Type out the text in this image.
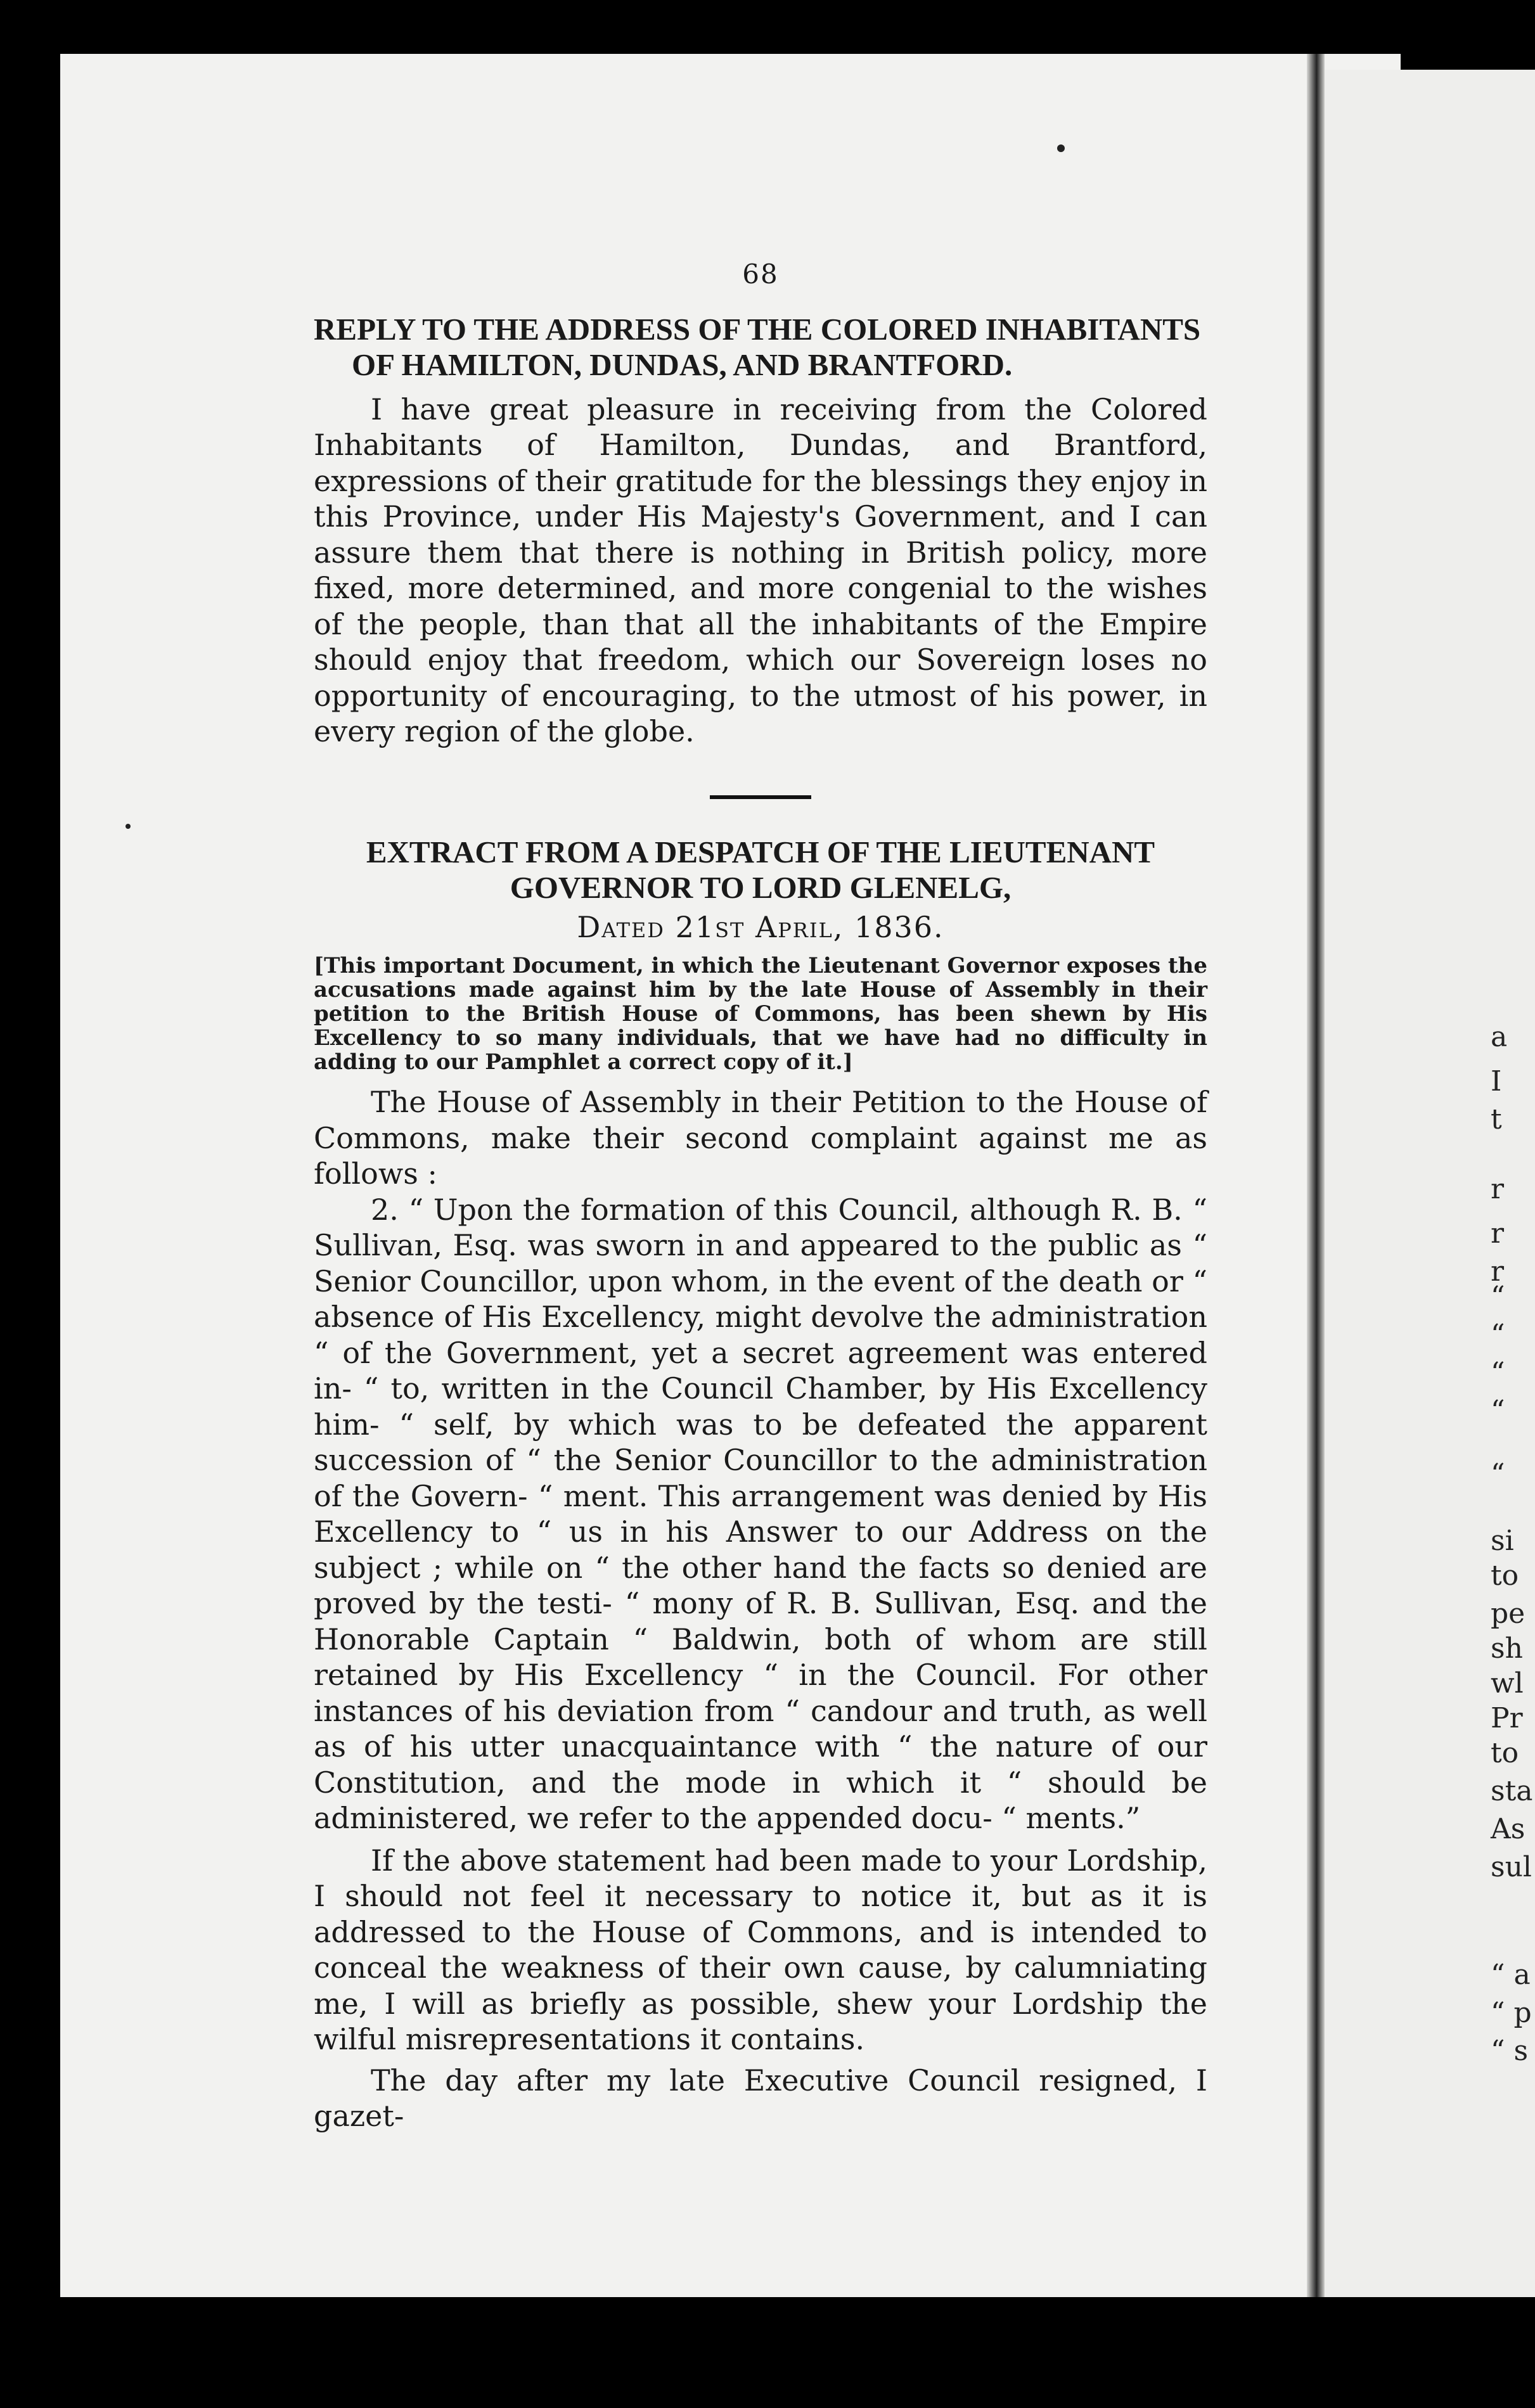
68

REPLY TO THE ADDRESS OF THE COLORED INHABITANTS OF HAMILTON, DUNDAS, AND BRANTFORD.

I have great pleasure in receiving from the Colored Inhabitants of Hamilton, Dundas, and Brantford, expressions of their gratitude for the blessings they enjoy in this Province, under His Majesty's Government, and I can assure them that there is nothing in British policy, more fixed, more determined, and more congenial to the wishes of the people, than that all the inhabitants of the Empire should enjoy that freedom, which our Sovereign loses no opportunity of encouraging, to the utmost of his power, in every region of the globe.

EXTRACT FROM A DESPATCH OF THE LIEUTENANT GOVERNOR TO LORD GLENELG,

Dated 21st April, 1836.

[This important Document, in which the Lieutenant Governor exposes the accusations made against him by the late House of Assembly in their petition to the British House of Commons, has been shewn by His Excellency to so many individuals, that we have had no difficulty in adding to our Pamphlet a correct copy of it.]

The House of Assembly in their Petition to the House of Commons, make their second complaint against me as follows :

2. “ Upon the formation of this Council, although R. B. “ Sullivan, Esq. was sworn in and appeared to the public as “ Senior Councillor, upon whom, in the event of the death or “ absence of His Excellency, might devolve the administration “ of the Government, yet a secret agreement was entered in- “ to, written in the Council Chamber, by His Excellency him- “ self, by which was to be defeated the apparent succession of “ the Senior Councillor to the administration of the Govern- “ ment. This arrangement was denied by His Excellency to “ us in his Answer to our Address on the subject ; while on “ the other hand the facts so denied are proved by the testi- “ mony of R. B. Sullivan, Esq. and the Honorable Captain “ Baldwin, both of whom are still retained by His Excellency “ in the Council. For other instances of his deviation from “ candour and truth, as well as of his utter unacquaintance with “ the nature of our Constitution, and the mode in which it “ should be administered, we refer to the appended docu- “ ments.”

If the above statement had been made to your Lordship, I should not feel it necessary to notice it, but as it is addressed to the House of Commons, and is intended to conceal the weakness of their own cause, by calumniating me, I will as briefly as possible, shew your Lordship the wilful misrepresentations it contains.

The day after my late Executive Council resigned, I gazet-

a
I
t
r
r
r
“
“
“
“
“
si
to
pe
sh
wl
Pr
to
sta
As
sul
“ a
“ p
“ s
